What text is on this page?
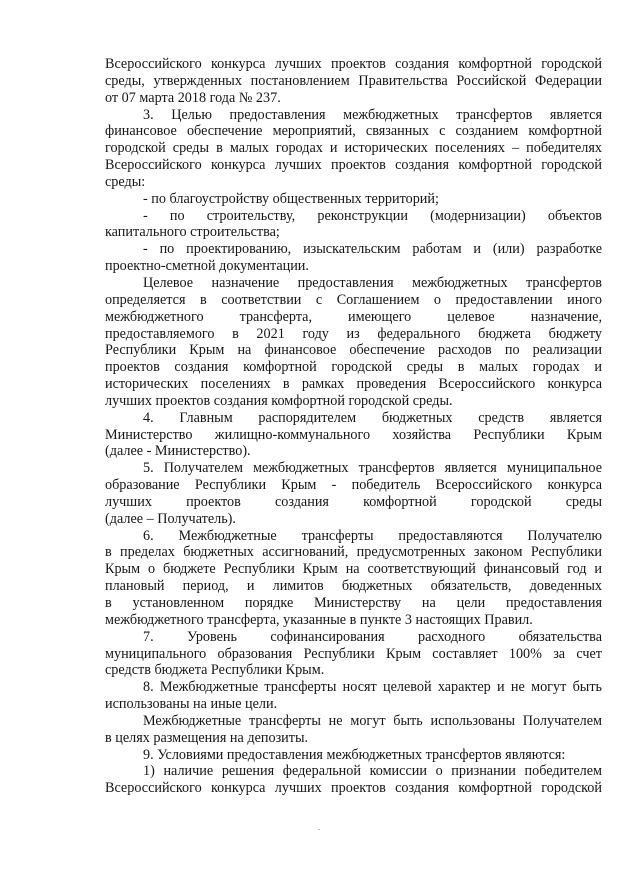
Всероссийского конкурса лучших проектов создания комфортной городской
среды, утвержденных постановлением Правительства Российской Федерации
от 07 марта 2018 года № 237.

3. Целью предоставления межбюджетных трансфертов является
финансовое обеспечение мероприятий, связанных с созданием комфортной
городской среды в малых городах и исторических поселениях – победителях
Всероссийского конкурса лучших проектов создания комфортной городской
среды:

- по благоустройству общественных территорий;

- по строительству, реконструкции (модернизации) объектов
капитального строительства;

- по проектированию, изыскательским работам и (или) разработке
проектно-сметной документации.

Целевое назначение предоставления межбюджетных трансфертов
определяется в соответствии с Соглашением о предоставлении иного
межбюджетного трансферта, имеющего целевое назначение,
предоставляемого в 2021 году из федерального бюджета бюджету
Республики Крым на финансовое обеспечение расходов по реализации
проектов создания комфортной городской среды в малых городах и
исторических поселениях в рамках проведения Всероссийского конкурса
лучших проектов создания комфортной городской среды.

4. Главным распорядителем бюджетных средств является
Министерство жилищно-коммунального хозяйства Республики Крым
(далее - Министерство).

5. Получателем межбюджетных трансфертов является муниципальное
образование Республики Крым - победитель Всероссийского конкурса
лучших проектов создания комфортной городской среды
(далее – Получатель).

6. Межбюджетные трансферты предоставляются Получателю
в пределах бюджетных ассигнований, предусмотренных законом Республики
Крым о бюджете Республики Крым на соответствующий финансовый год и
плановый период, и лимитов бюджетных обязательств, доведенных
в установленном порядке Министерству на цели предоставления
межбюджетного трансферта, указанные в пункте 3 настоящих Правил.

7. Уровень софинансирования расходного обязательства
муниципального образования Республики Крым составляет 100% за счет
средств бюджета Республики Крым.

8. Межбюджетные трансферты носят целевой характер и не могут быть
использованы на иные цели.

Межбюджетные трансферты не могут быть использованы Получателем
в целях размещения на депозиты.

9. Условиями предоставления межбюджетных трансфертов являются:

1) наличие решения федеральной комиссии о признании победителем
Всероссийского конкурса лучших проектов создания комфортной городской
